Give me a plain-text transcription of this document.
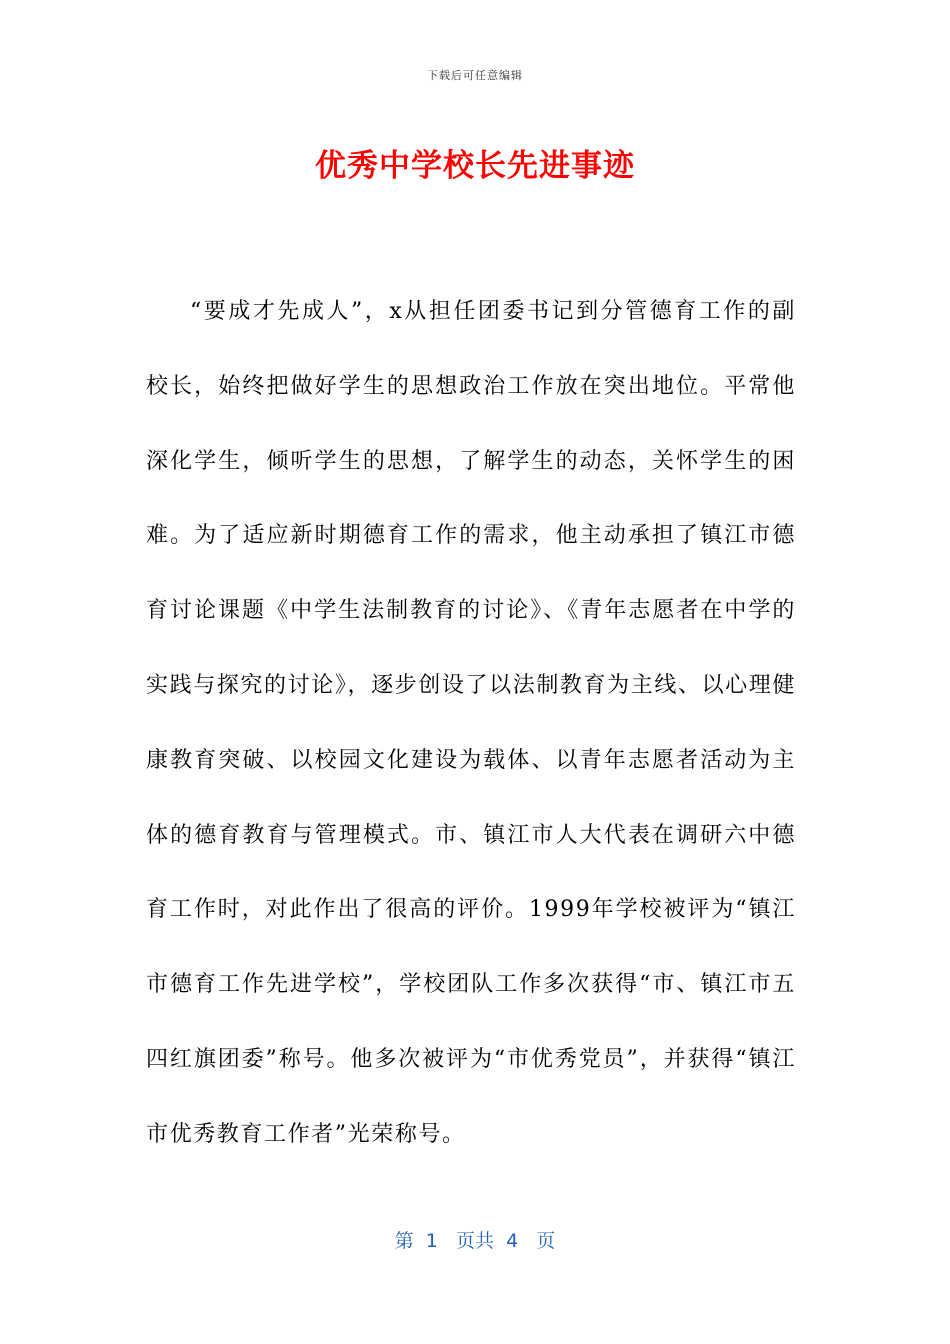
下载后可任意编辑
优秀中学校长先进事迹

“要成才先成人”，x从担任团委书记到分管德育工作的副校长，始终把做好学生的思想政治工作放在突出地位。平常他深化学生，倾听学生的思想，了解学生的动态，关怀学生的困难。为了适应新时期德育工作的需求，他主动承担了镇江市德育讨论课题《中学生法制教育的讨论》、《青年志愿者在中学的实践与探究的讨论》，逐步创设了以法制教育为主线、以心理健康教育突破、以校园文化建设为载体、以青年志愿者活动为主体的德育教育与管理模式。市、镇江市人大代表在调研六中德育工作时，对此作出了很高的评价。1999年学校被评为“镇江市德育工作先进学校”，学校团队工作多次获得“市、镇江市五四红旗团委”称号。他多次被评为“市优秀党员”，并获得“镇江市优秀教育工作者”光荣称号。

第  1   页共  4   页
